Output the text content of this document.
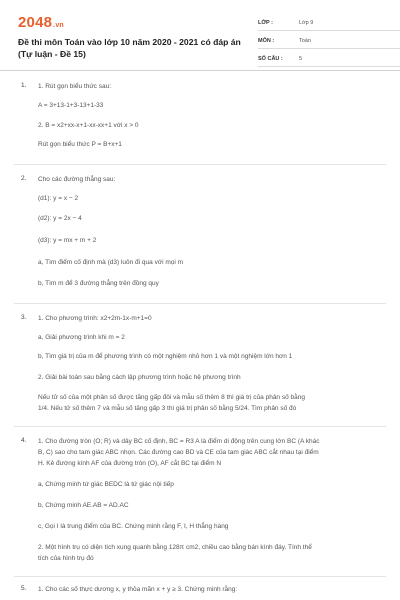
2048.vn
Đề thi môn Toán vào lớp 10 năm 2020 - 2021 có đáp án (Tự luận - Đề 15)
LỚP :	Lớp 9
MÔN :	Toán
SỐ CÂU :	5
1. 1. Rút gọn biểu thức sau:
A = 3+13-1+3-13+1-33
2. B = x2+xx-x+1-xx-xx+1 với x > 0
Rút gọn biểu thức P = B+x+1
2. Cho các đường thẳng sau:
(d1): y = x − 2
(d2): y = 2x − 4
(d3): y = mx + m + 2
a, Tìm điểm cố định mà (d3) luôn đi qua với mọi m
b, Tìm m để 3 đường thẳng trên đồng quy
3. 1. Cho phương trình: x2+2m-1x-m+1=0
a, Giải phương trình khi m = 2
b, Tìm giá trị của m để phương trình có một nghiệm nhỏ hơn 1 và một nghiệm lớn hơn 1
2. Giải bài toán sau bằng cách lập phương trình hoặc hệ phương trình
Nếu tử số của một phân số được tăng gấp đôi và mẫu số thêm 8 thì giá trị của phân số bằng
1/4. Nếu tử số thêm 7 và mẫu số tăng gấp 3 thì giá trị phân số bằng 5/24. Tìm phân số đó
4. 1. Cho đường tròn (O; R) và dây BC cố định, BC = R3 A là điểm di động trên cung lớn BC (A khác
B, C) sao cho tam giác ABC nhọn. Các đường cao BD và CE của tam giác ABC cắt nhau tại điểm
H. Kẻ đường kính AF của đường tròn (O), AF cắt BC tại điểm N
a, Chứng minh tứ giác BEDC là tứ giác nội tiếp
b, Chứng minh AE.AB = AD.AC
c, Gọi I là trung điểm của BC. Chứng minh rằng F, I, H thẳng hàng
2. Một hình trụ có diện tích xung quanh bằng 128π cm2, chiều cao bằng bán kính đáy. Tính thể
tích của hình trụ đó
5. 1. Cho các số thực dương x, y thỏa mãn x + y ≥ 3. Chứng minh rằng:
